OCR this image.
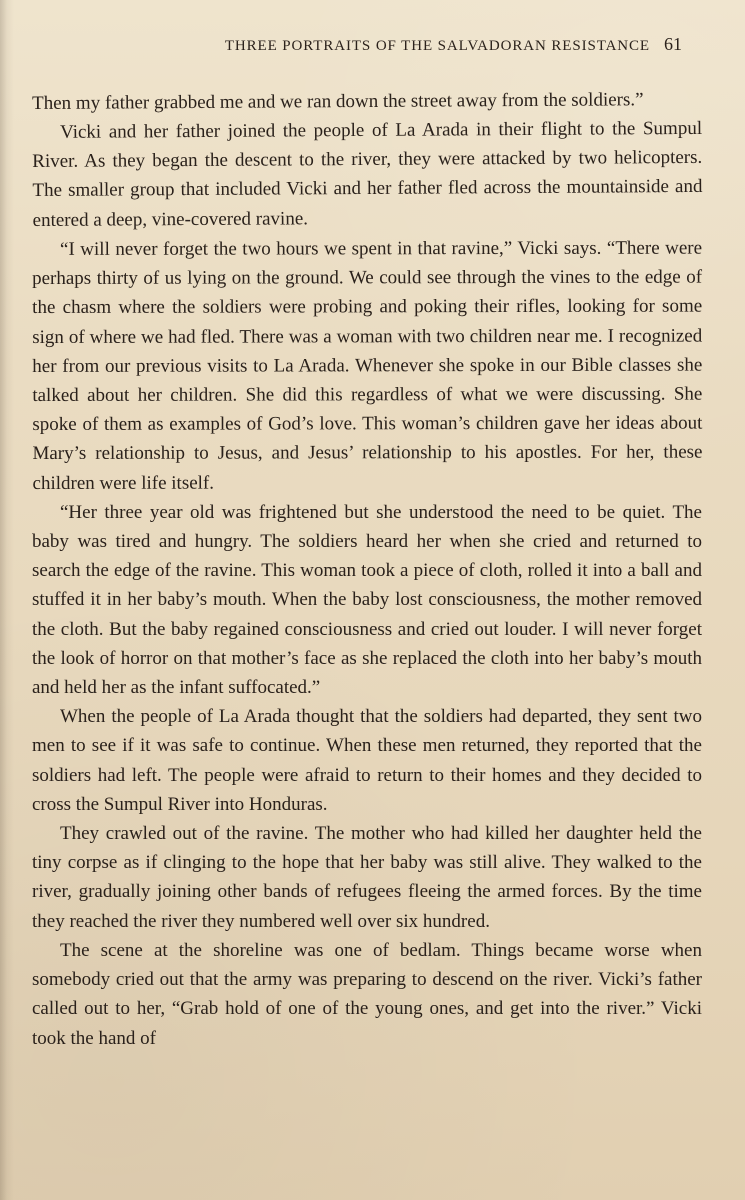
THREE PORTRAITS OF THE SALVADORAN RESISTANCE 61

Then my father grabbed me and we ran down the street away from the soldiers.”

Vicki and her father joined the people of La Arada in their flight to the Sumpul River. As they began the descent to the river, they were attacked by two helicopters. The smaller group that included Vicki and her father fled across the mountainside and entered a deep, vine-covered ravine.

“I will never forget the two hours we spent in that ravine,” Vicki says. “There were perhaps thirty of us lying on the ground. We could see through the vines to the edge of the chasm where the soldiers were probing and poking their rifles, looking for some sign of where we had fled. There was a woman with two children near me. I recognized her from our previous visits to La Arada. Whenever she spoke in our Bible classes she talked about her children. She did this regardless of what we were discussing. She spoke of them as examples of God’s love. This woman’s children gave her ideas about Mary’s relationship to Jesus, and Jesus’ relationship to his apostles. For her, these children were life itself.

“Her three year old was frightened but she understood the need to be quiet. The baby was tired and hungry. The soldiers heard her when she cried and returned to search the edge of the ravine. This woman took a piece of cloth, rolled it into a ball and stuffed it in her baby’s mouth. When the baby lost consciousness, the mother removed the cloth. But the baby regained consciousness and cried out louder. I will never forget the look of horror on that mother’s face as she replaced the cloth into her baby’s mouth and held her as the infant suffocated.”

When the people of La Arada thought that the soldiers had departed, they sent two men to see if it was safe to continue. When these men returned, they reported that the soldiers had left. The people were afraid to return to their homes and they decided to cross the Sumpul River into Honduras.

They crawled out of the ravine. The mother who had killed her daughter held the tiny corpse as if clinging to the hope that her baby was still alive. They walked to the river, gradually joining other bands of refugees fleeing the armed forces. By the time they reached the river they numbered well over six hundred.

The scene at the shoreline was one of bedlam. Things became worse when somebody cried out that the army was preparing to descend on the river. Vicki’s father called out to her, “Grab hold of one of the young ones, and get into the river.” Vicki took the hand of
